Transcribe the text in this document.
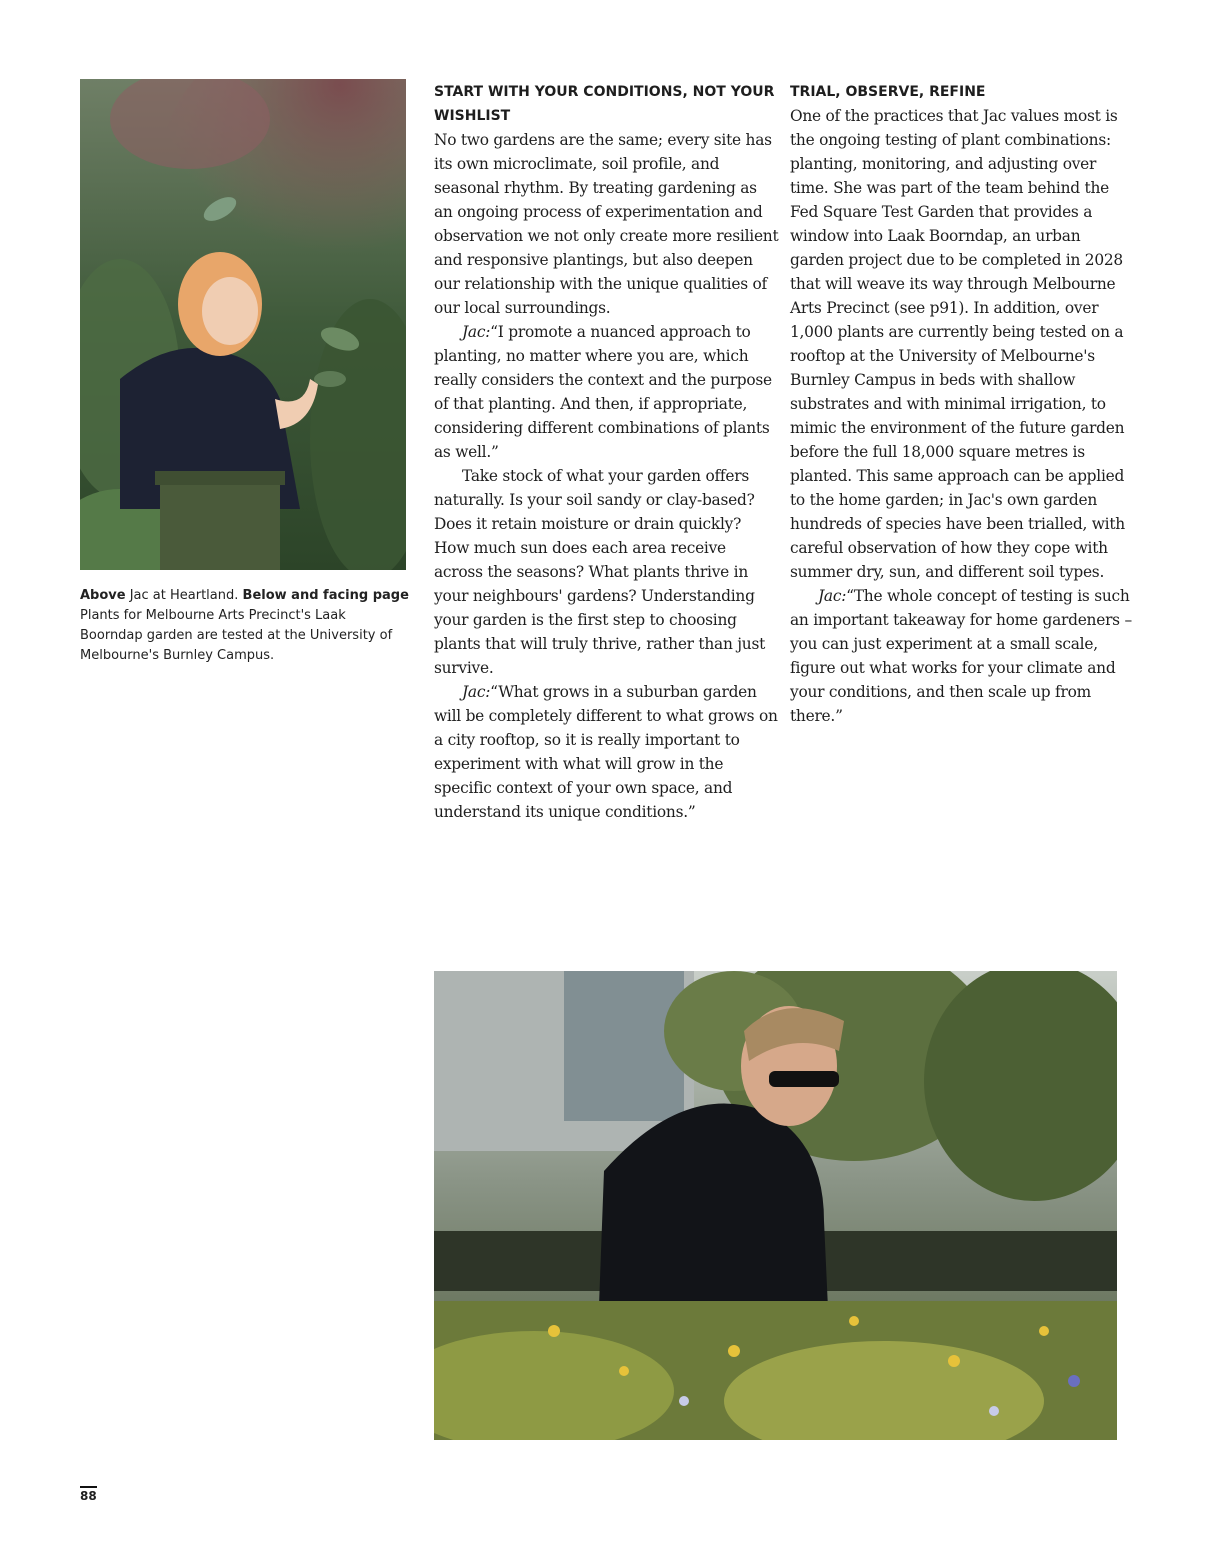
Above Jac at Heartland. Below and facing page Plants for Melbourne Arts Precinct's Laak Boorndap garden are tested at the University of Melbourne's Burnley Campus.
START WITH YOUR CONDITIONS, NOT YOUR WISHLIST

No two gardens are the same; every site has its own microclimate, soil profile, and seasonal rhythm. By treating gardening as an ongoing process of experimentation and observation we not only create more resilient and responsive plantings, but also deepen our relationship with the unique qualities of our local surroundings.

Jac:“I promote a nuanced approach to planting, no matter where you are, which really considers the context and the purpose of that planting. And then, if appropriate, considering different combinations of plants as well.”

Take stock of what your garden offers naturally. Is your soil sandy or clay-based? Does it retain moisture or drain quickly? How much sun does each area receive across the seasons? What plants thrive in your neighbours' gardens? Understanding your garden is the first step to choosing plants that will truly thrive, rather than just survive.

Jac:“What grows in a suburban garden will be completely different to what grows on a city rooftop, so it is really important to experiment with what will grow in the specific context of your own space, and understand its unique conditions.”

TRIAL, OBSERVE, REFINE

One of the practices that Jac values most is the ongoing testing of plant combinations: planting, monitoring, and adjusting over time. She was part of the team behind the Fed Square Test Garden that provides a window into Laak Boorndap, an urban garden project due to be completed in 2028 that will weave its way through Melbourne Arts Precinct (see p91). In addition, over 1,000 plants are currently being tested on a rooftop at the University of Melbourne's Burnley Campus in beds with shallow substrates and with minimal irrigation, to mimic the environment of the future garden before the full 18,000 square metres is planted. This same approach can be applied to the home garden; in Jac's own garden hundreds of species have been trialled, with careful observation of how they cope with summer dry, sun, and different soil types.

Jac:“The whole concept of testing is such an important takeaway for home gardeners – you can just experiment at a small scale, figure out what works for your climate and your conditions, and then scale up from there.”

88
